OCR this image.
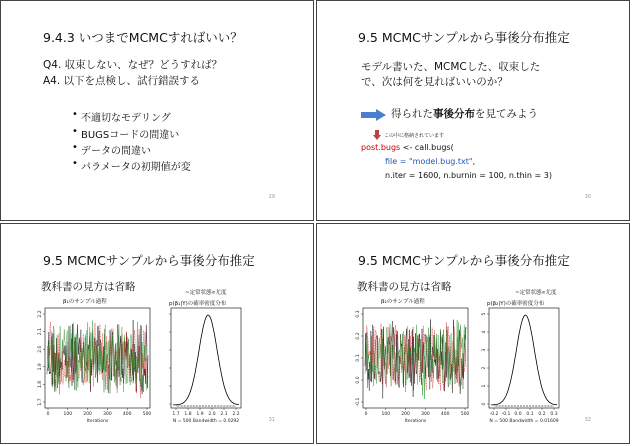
9.4.3 いつまでMCMCすればいい？
Q4. 収束しない、なぜ？どうすれば？
A4. 以下を点検し、試行錯誤する
• 不適切なモデリング
• BUGSコードの間違い
• データの間違い
• パラメータの初期値が変
29
9.5 MCMCサンプルから事後分布推定
モデル書いた、MCMCした、収束した
で、次は何を見ればいいのか？
得られた事後分布を見てみよう
この中に格納されています
post.bugs <- call.bugs(
file = "model.bug.txt",
n.iter = 1600, n.burnin = 100, n.thin = 3)
30
9.5 MCMCサンプルから事後分布推定
教科書の見方は省略
β₁のサンプル過程
~定常状態∝尤度
p(β₁|Y)の確率密度分布
1.7
1.8
1.9
2.0
2.1
2.2
0	100 200 300 400 500
Iterations
1.7 1.8 1.9 2.0 2.1 2.2
N = 500 Bandwidth = 0.0292	31
9.5 MCMCサンプルから事後分布推定
教科書の見方は省略
β₂のサンプル過程
~定常状態∝尤度
p(β₂|Y)の確率密度分布
-0.1
0.0
0.1
0.2
0.3
0	100 200 300 400 500
Iterations
0
1
2
3
4
5
-0.2 -0.1 0.0 0.1 0.2 0.3
N = 500 Bandwidth = 0.01609	32
